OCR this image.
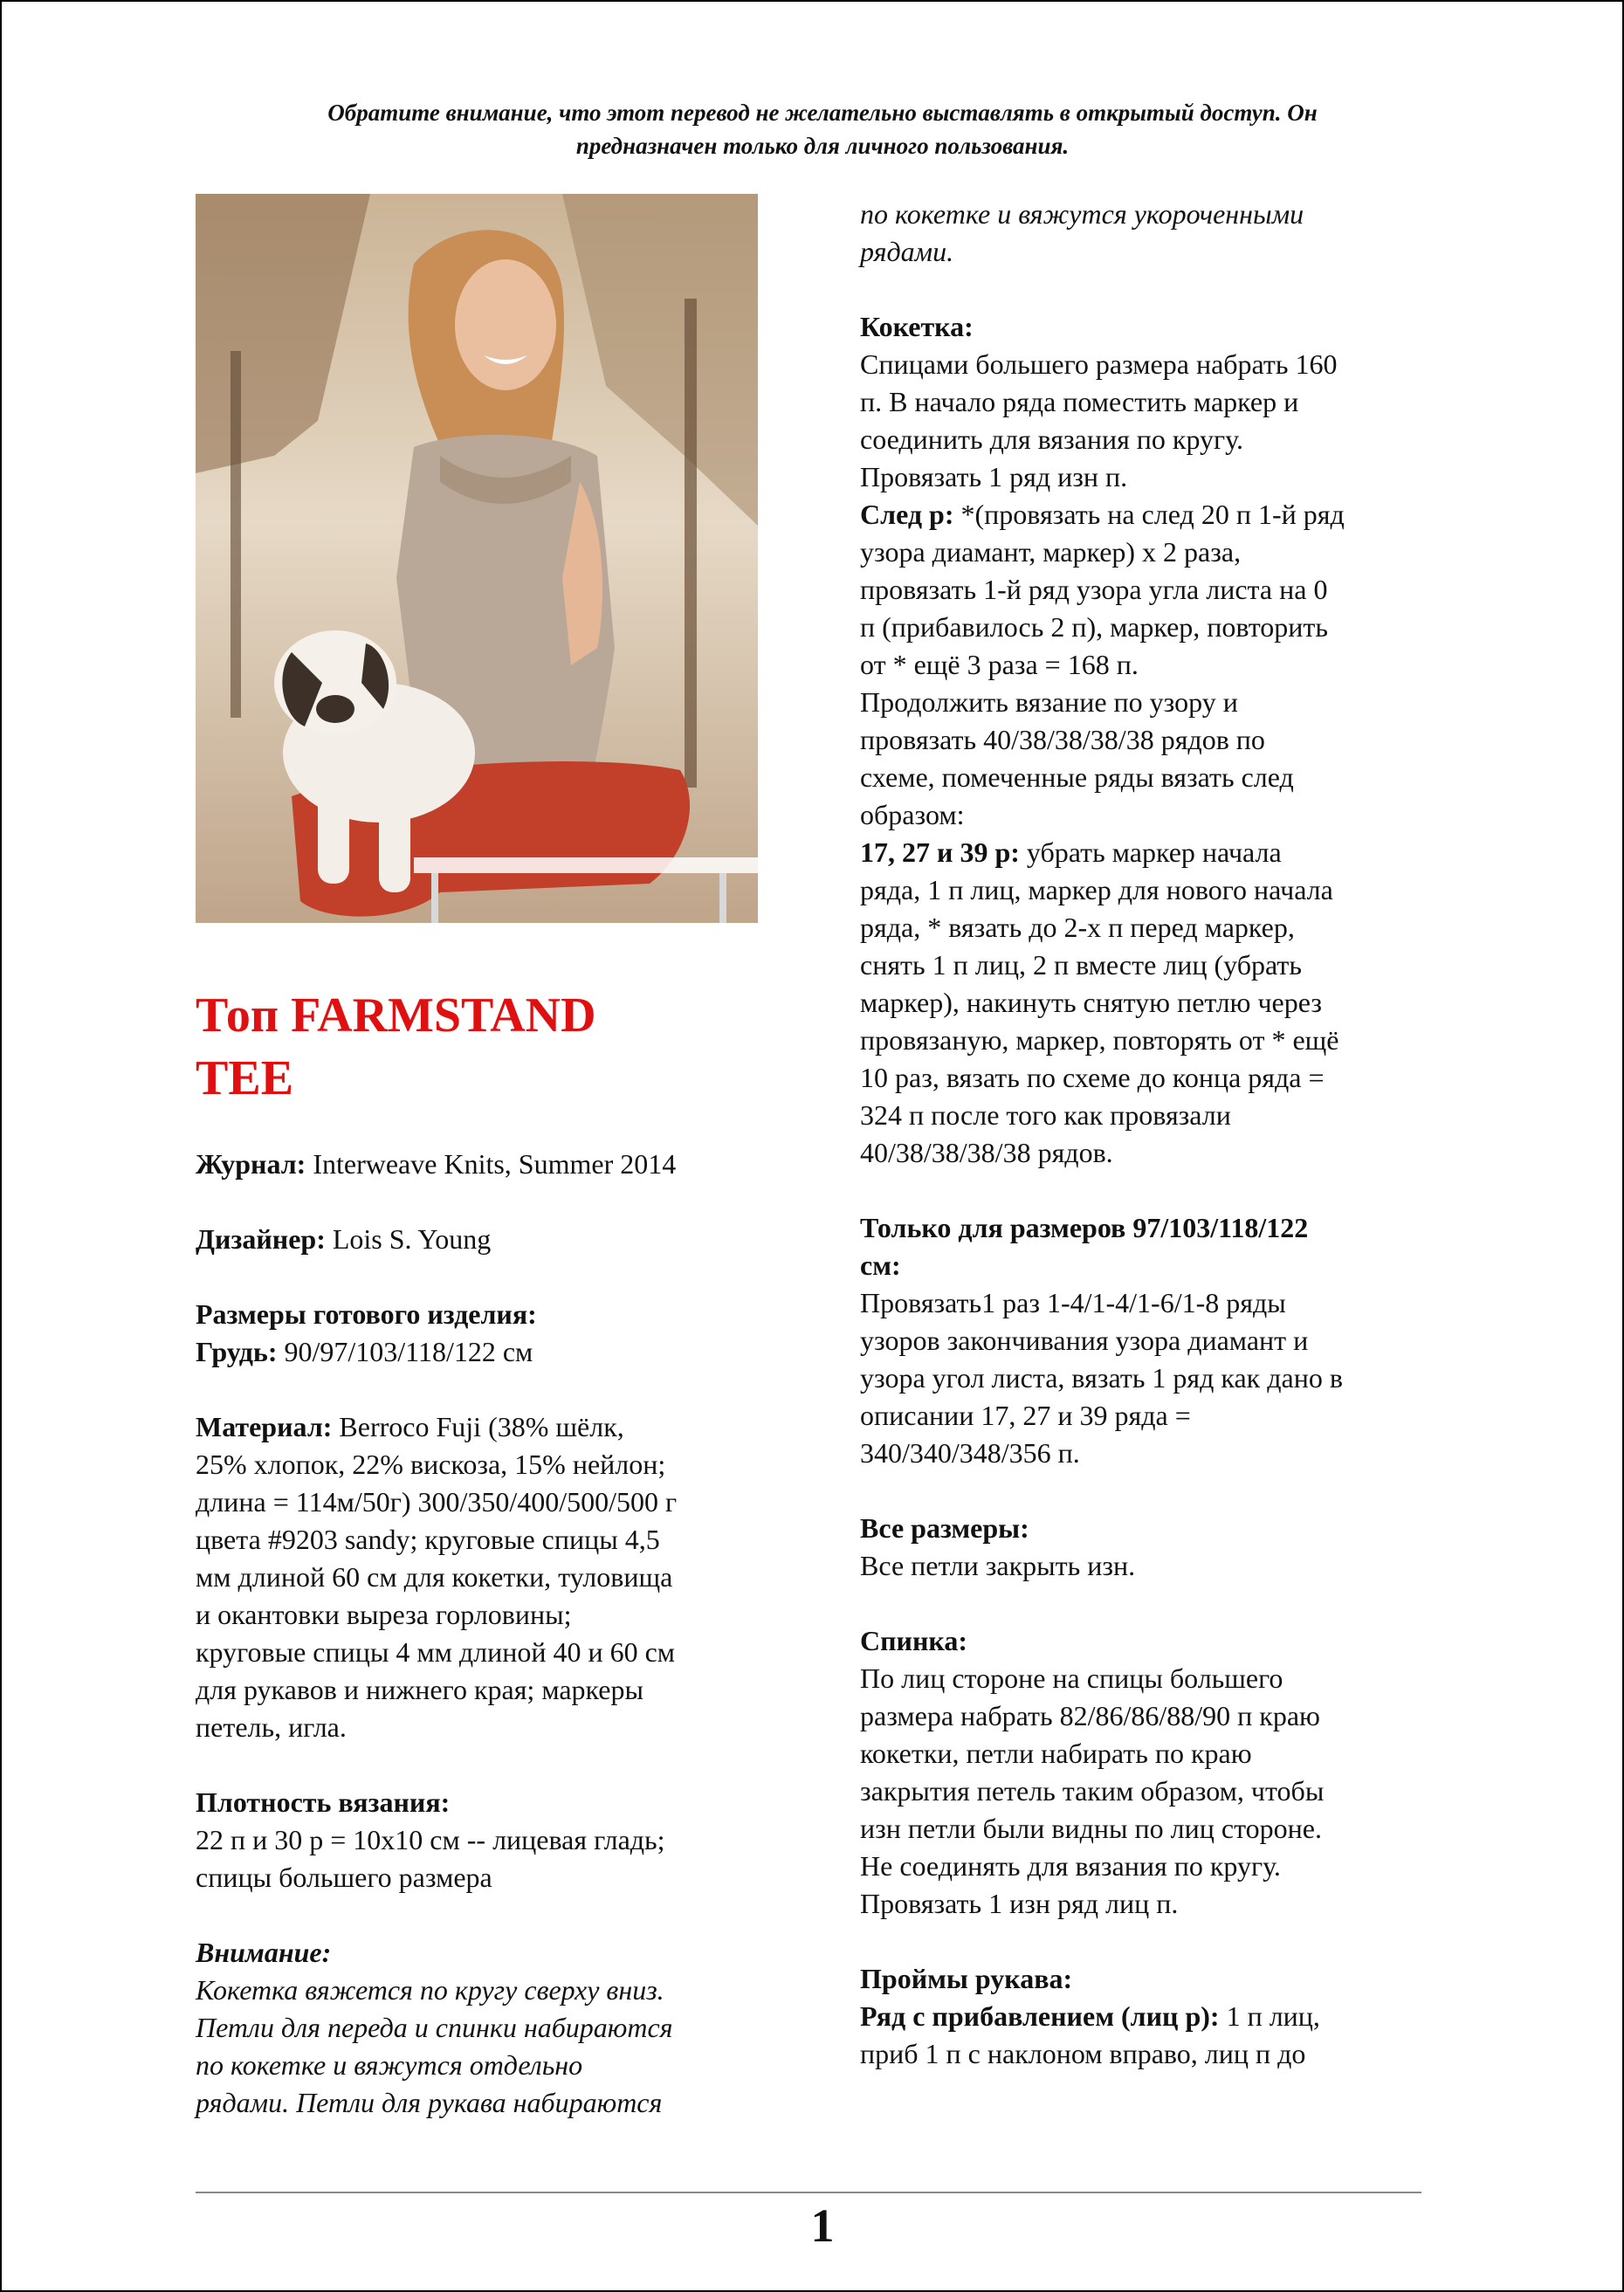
Обратите внимание, что этот перевод не желательно выставлять в открытый доступ. Он
предназначен только для личного пользования.
Топ FARMSTAND
TEE

Журнал: Interweave Knits, Summer 2014

Дизайнер: Lois S. Young

Размеры готового изделия:

Грудь: 90/97/103/118/122 см

Материал: Berroco Fuji (38% шёлк,

25% хлопок, 22% вискоза, 15% нейлон;

длина = 114м/50г) 300/350/400/500/500 г

цвета #9203 sandy; круговые спицы 4,5

мм длиной 60 см для кокетки, туловища

и окантовки выреза горловины;

круговые спицы 4 мм длиной 40 и 60 см

для рукавов и нижнего края; маркеры

петель, игла.

Плотность вязания:

22 п и 30 р = 10х10 см -- лицевая гладь;

спицы большего размера

Внимание:

Кокетка вяжется по кругу сверху вниз.

Петли для переда и спинки набираются

по кокетке и вяжутся отдельно

рядами. Петли для рукава набираются

по кокетке и вяжутся укороченными

рядами.

Кокетка:

Спицами большего размера набрать 160

п. В начало ряда поместить маркер и

соединить для вязания по кругу.

Провязать 1 ряд изн п.

След р: *(провязать на след 20 п 1-й ряд

узора диамант, маркер) х 2 раза,

провязать 1-й ряд узора угла листа на 0

п (прибавилось 2 п), маркер, повторить

от * ещё 3 раза = 168 п.

Продолжить вязание по узору и

провязать 40/38/38/38/38 рядов по

схеме, помеченные ряды вязать след

образом:

17, 27 и 39 р: убрать маркер начала

ряда, 1 п лиц, маркер для нового начала

ряда, * вязать до 2-х п перед маркер,

снять 1 п лиц, 2 п вместе лиц (убрать

маркер), накинуть снятую петлю через

провязаную, маркер, повторять от * ещё

10 раз, вязать по схеме до конца ряда =

324 п после того как провязали

40/38/38/38/38 рядов.

Только для размеров 97/103/118/122

см:

Провязать1 раз 1-4/1-4/1-6/1-8 ряды

узоров закончивания узора диамант и

узора угол листа, вязать 1 ряд как дано в

описании 17, 27 и 39 ряда =

340/340/348/356 п.

Все размеры:

Все петли закрыть изн.

Спинка:

По лиц стороне на спицы большего

размера набрать 82/86/86/88/90 п краю

кокетки, петли набирать по краю

закрытия петель таким образом, чтобы

изн петли были видны по лиц стороне.

Не соединять для вязания по кругу.

Провязать 1 изн ряд лиц п.

Проймы рукава:

Ряд с прибавлением (лиц р): 1 п лиц,

приб 1 п с наклоном вправо, лиц п до

1
